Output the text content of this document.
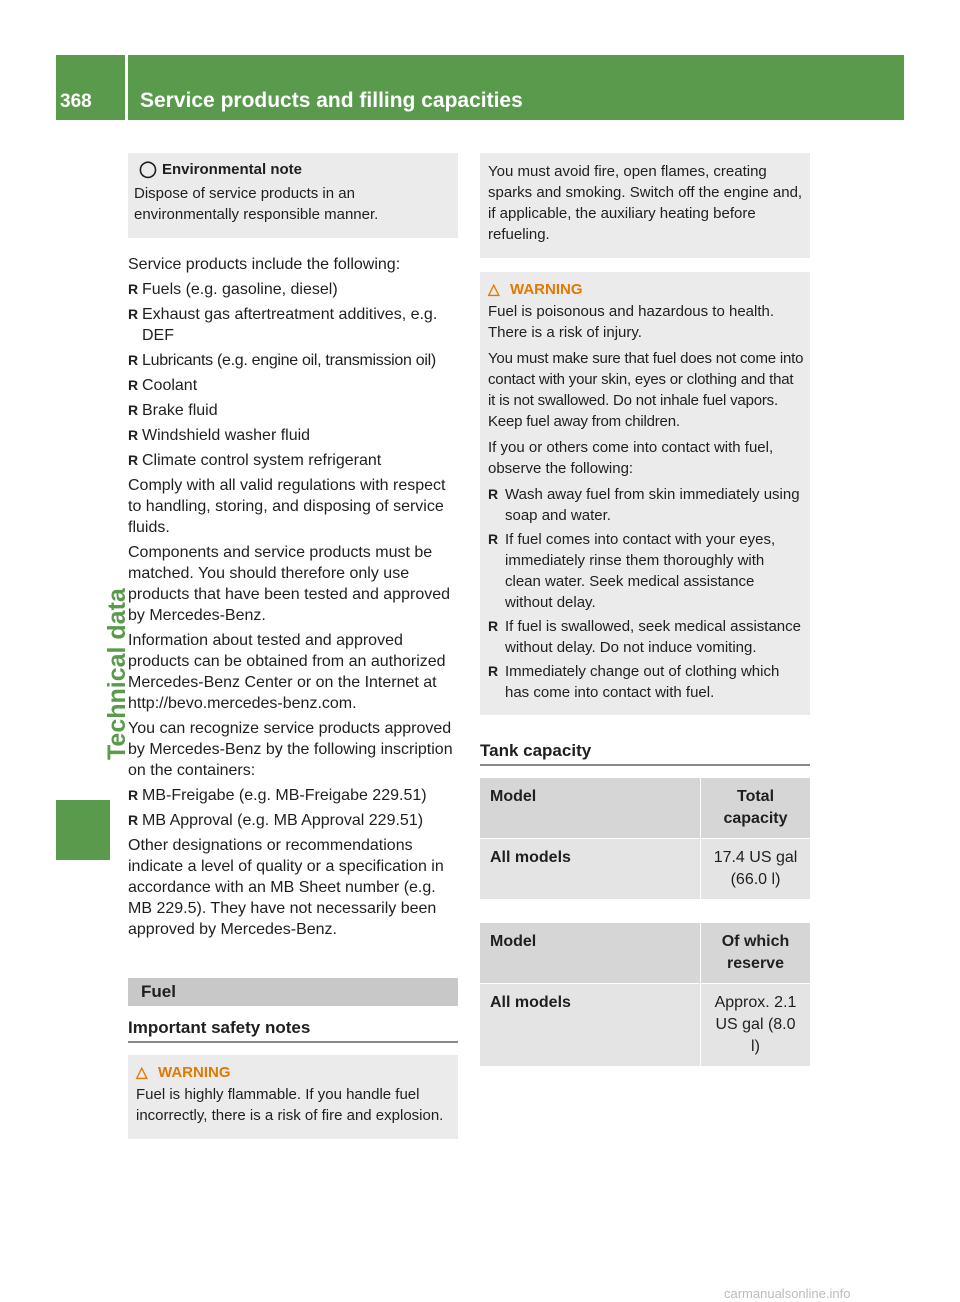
368 Service products and filling capacities
Technical data
◯ Environmental note

Dispose of service products in an environmentally responsible manner.

Service products include the following:

R Fuels (e.g. gasoline, diesel)
R Exhaust gas aftertreatment additives, e.g. DEF
R Lubricants (e.g. engine oil, transmission oil)
R Coolant
R Brake fluid
R Windshield washer fluid
R Climate control system refrigerant

Comply with all valid regulations with respect to handling, storing, and disposing of service fluids.

Components and service products must be matched. You should therefore only use products that have been tested and approved by Mercedes-Benz.

Information about tested and approved products can be obtained from an authorized Mercedes-Benz Center or on the Internet at http://bevo.mercedes-benz.com.

You can recognize service products approved by Mercedes-Benz by the following inscription on the containers:

R MB-Freigabe (e.g. MB-Freigabe 229.51)
R MB Approval (e.g. MB Approval 229.51)

Other designations or recommendations indicate a level of quality or a specification in accordance with an MB Sheet number (e.g. MB 229.5). They have not necessarily been approved by Mercedes-Benz.

Fuel
Important safety notes
△ WARNING

Fuel is highly flammable. If you handle fuel incorrectly, there is a risk of fire and explosion.

You must avoid fire, open flames, creating sparks and smoking. Switch off the engine and, if applicable, the auxiliary heating before refueling.

△ WARNING

Fuel is poisonous and hazardous to health. There is a risk of injury.

You must make sure that fuel does not come into contact with your skin, eyes or clothing and that it is not swallowed. Do not inhale fuel vapors. Keep fuel away from children.

If you or others come into contact with fuel, observe the following:

R Wash away fuel from skin immediately using soap and water.
R If fuel comes into contact with your eyes, immediately rinse them thoroughly with clean water. Seek medical assistance without delay.
R If fuel is swallowed, seek medical assistance without delay. Do not induce vomiting.
R Immediately change out of clothing which has come into contact with fuel.
Tank capacity
Model	Total capacity
All models	17.4 US gal (66.0 l)
Model	Of which reserve
All models	Approx. 2.1 US gal (8.0 l)
carmanualsonline.info
